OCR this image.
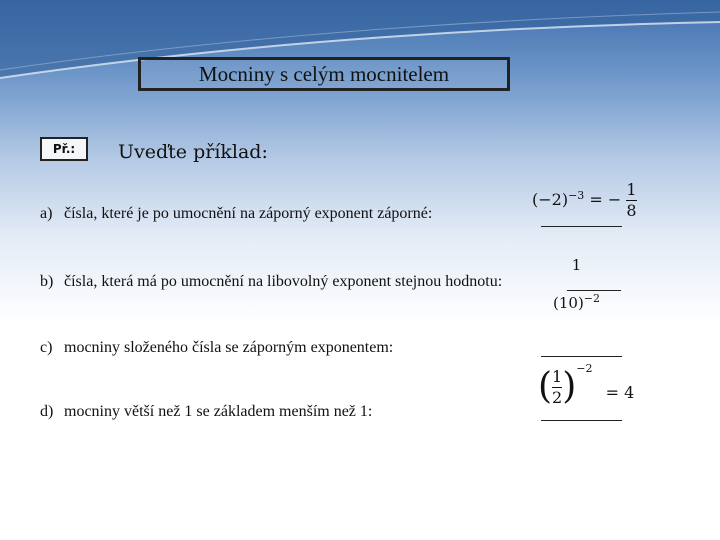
Mocniny s celým mocnitelem
Př.:	Uveďte příklad:
a) čísla, které je po umocnění na záporný exponent záporné:
b) čísla, která má po umocnění na libovolný exponent stejnou hodnotu:
c) mocniny složeného čísla se záporným exponentem:
d) mocniny větší než 1 se základem menším než 1:
$(-2)^{-3}$ = − $\frac{1}{8}$
$\frac{1}{(10)^{-2}}$
( $\frac{1}{2}$ ) $^{-2}$ = 4
